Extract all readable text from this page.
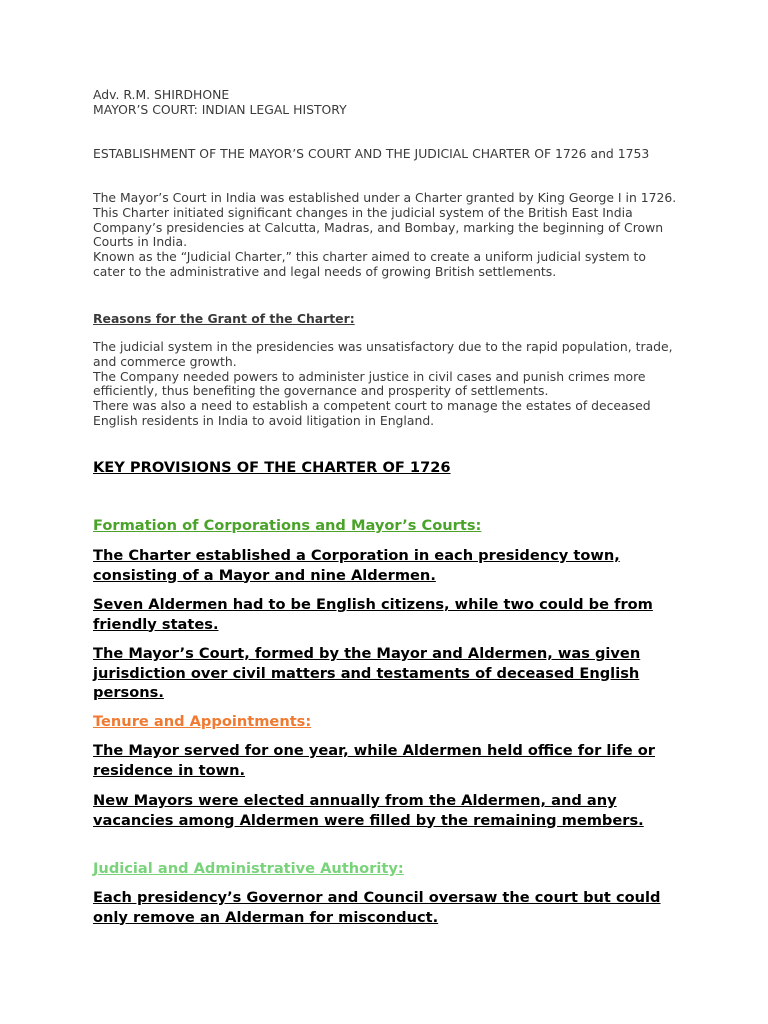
Adv. R.M. SHIRDHONE

MAYOR’S COURT: INDIAN LEGAL HISTORY

ESTABLISHMENT OF THE MAYOR’S COURT AND THE JUDICIAL CHARTER OF 1726 and 1753

The Mayor’s Court in India was established under a Charter granted by King George I in 1726. This Charter initiated significant changes in the judicial system of the British East India Company’s presidencies at Calcutta, Madras, and Bombay, marking the beginning of Crown Courts in India.

Known as the “Judicial Charter,” this charter aimed to create a uniform judicial system to cater to the administrative and legal needs of growing British settlements.

Reasons for the Grant of the Charter:

The judicial system in the presidencies was unsatisfactory due to the rapid population, trade, and commerce growth.

The Company needed powers to administer justice in civil cases and punish crimes more efficiently, thus benefiting the governance and prosperity of settlements.

There was also a need to establish a competent court to manage the estates of deceased English residents in India to avoid litigation in England.

KEY PROVISIONS OF THE CHARTER OF 1726
Formation of Corporations and Mayor’s Courts:
The Charter established a Corporation in each presidency town, consisting of a Mayor and nine Aldermen.
Seven Aldermen had to be English citizens, while two could be from friendly states.
The Mayor’s Court, formed by the Mayor and Aldermen, was given jurisdiction over civil matters and testaments of deceased English persons.
Tenure and Appointments:
The Mayor served for one year, while Aldermen held office for life or residence in town.
New Mayors were elected annually from the Aldermen, and any vacancies among Aldermen were filled by the remaining members.
Judicial and Administrative Authority:
Each presidency’s Governor and Council oversaw the court but could only remove an Alderman for misconduct.
